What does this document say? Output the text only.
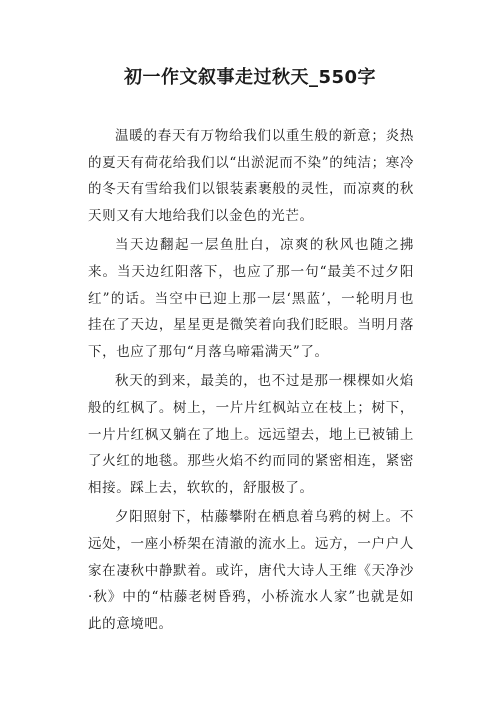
初一作文叙事走过秋天_550字

温暖的春天有万物给我们以重生般的新意；炎热的夏天有荷花给我们以“出淤泥而不染”的纯洁；寒冷的冬天有雪给我们以银装素裹般的灵性，而凉爽的秋天则又有大地给我们以金色的光芒。

当天边翻起一层鱼肚白，凉爽的秋风也随之拂来。当天边红阳落下，也应了那一句“最美不过夕阳红”的话。当空中已迎上那一层‘黑蓝’，一轮明月也挂在了天边，星星更是微笑着向我们眨眼。当明月落下，也应了那句“月落乌啼霜满天”了。

秋天的到来，最美的，也不过是那一棵棵如火焰般的红枫了。树上，一片片红枫站立在枝上；树下，一片片红枫又躺在了地上。远远望去，地上已被铺上了火红的地毯。那些火焰不约而同的紧密相连，紧密相接。踩上去，软软的，舒服极了。

夕阳照射下，枯藤攀附在栖息着乌鸦的树上。不远处，一座小桥架在清澈的流水上。远方，一户户人家在凄秋中静默着。或许，唐代大诗人王维《天净沙·秋》中的“枯藤老树昏鸦，小桥流水人家”也就是如此的意境吧。
